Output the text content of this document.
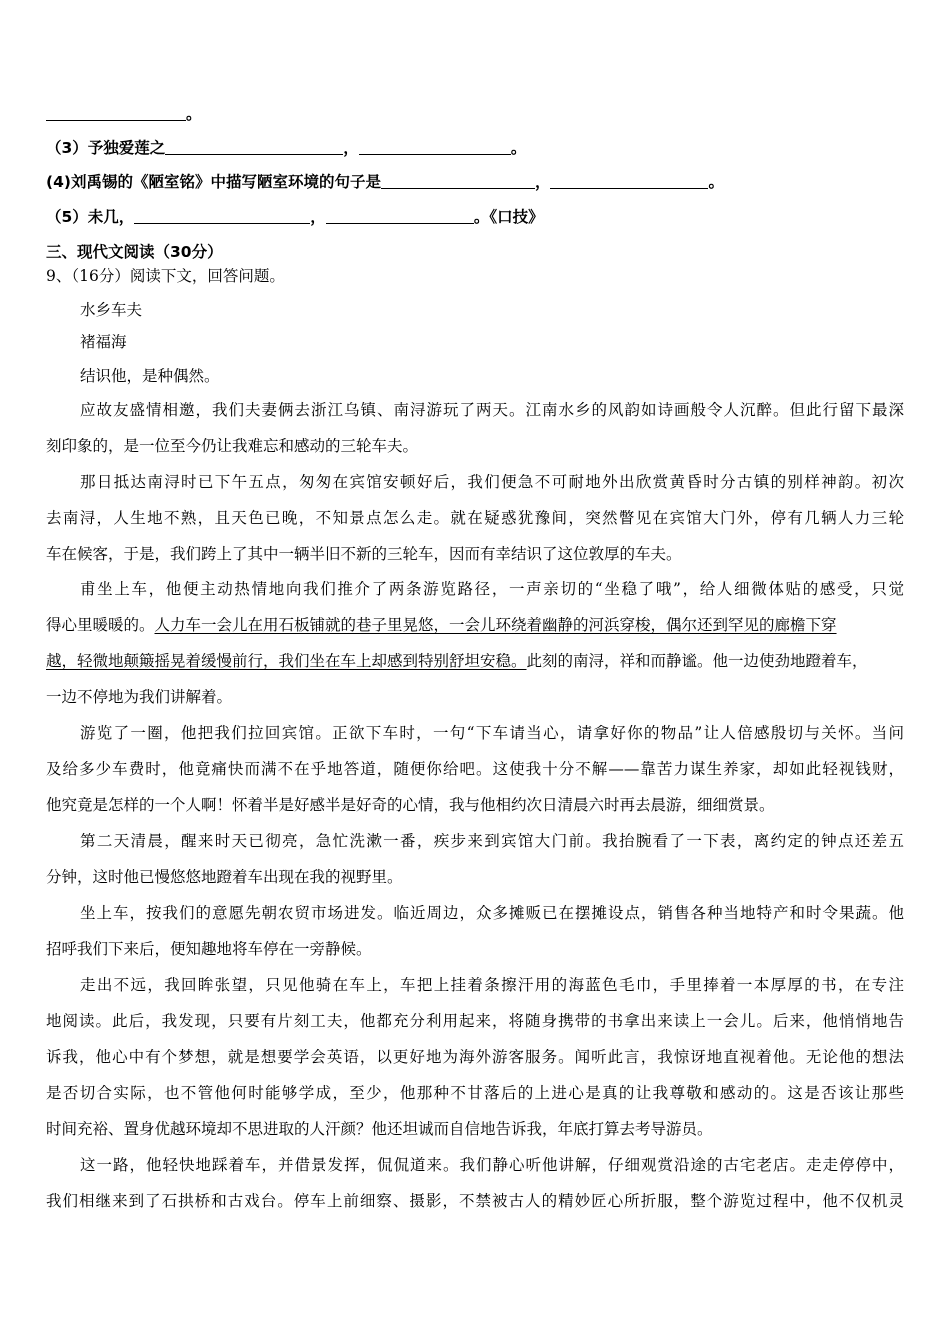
。
（3）予独爱莲之	，	。
(4)刘禹锡的《陋室铭》中描写陋室环境的句子是	，	。
（5）未几，	，	。《口技》
三、现代文阅读（30分）
9、（16分）阅读下文，回答问题。
水乡车夫
褚福海
结识他，是种偶然。
应故友盛情相邀，我们夫妻俩去浙江乌镇、南浔游玩了两天。江南水乡的风韵如诗画般令人沉醉。但此行留下最深
刻印象的，是一位至今仍让我难忘和感动的三轮车夫。
那日抵达南浔时已下午五点，匆匆在宾馆安顿好后，我们便急不可耐地外出欣赏黄昏时分古镇的别样神韵。初次
去南浔，人生地不熟，且天色已晚，不知景点怎么走。就在疑惑犹豫间，突然瞥见在宾馆大门外，停有几辆人力三轮
车在候客，于是，我们跨上了其中一辆半旧不新的三轮车，因而有幸结识了这位敦厚的车夫。
甫坐上车，他便主动热情地向我们推介了两条游览路径，一声亲切的“坐稳了哦”，给人细微体贴的感受，只觉
得心里暖暖的。人力车一会儿在用石板铺就的巷子里晃悠，一会儿环绕着幽静的河浜穿梭，偶尔还到罕见的廊檐下穿
越，轻微地颠簸摇晃着缓慢前行，我们坐在车上却感到特别舒坦安稳。此刻的南浔，祥和而静谧。他一边使劲地蹬着车，
一边不停地为我们讲解着。
游览了一圈，他把我们拉回宾馆。正欲下车时，一句“下车请当心，请拿好你的物品”让人倍感殷切与关怀。当问
及给多少车费时，他竟痛快而满不在乎地答道，随便你给吧。这使我十分不解——靠苦力谋生养家，却如此轻视钱财，
他究竟是怎样的一个人啊！怀着半是好感半是好奇的心情，我与他相约次日清晨六时再去晨游，细细赏景。
第二天清晨，醒来时天已彻亮，急忙洗漱一番，疾步来到宾馆大门前。我抬腕看了一下表，离约定的钟点还差五
分钟，这时他已慢悠悠地蹬着车出现在我的视野里。
坐上车，按我们的意愿先朝农贸市场进发。临近周边，众多摊贩已在摆摊设点，销售各种当地特产和时令果蔬。他
招呼我们下来后，便知趣地将车停在一旁静候。
走出不远，我回眸张望，只见他骑在车上，车把上挂着条擦汗用的海蓝色毛巾，手里捧着一本厚厚的书，在专注
地阅读。此后，我发现，只要有片刻工夫，他都充分利用起来，将随身携带的书拿出来读上一会儿。后来，他悄悄地告
诉我，他心中有个梦想，就是想要学会英语，以更好地为海外游客服务。闻听此言，我惊讶地直视着他。无论他的想法
是否切合实际，也不管他何时能够学成，至少，他那种不甘落后的上进心是真的让我尊敬和感动的。这是否该让那些
时间充裕、置身优越环境却不思进取的人汗颜？他还坦诚而自信地告诉我，年底打算去考导游员。
这一路，他轻快地踩着车，并借景发挥，侃侃道来。我们静心听他讲解，仔细观赏沿途的古宅老店。走走停停中，
我们相继来到了石拱桥和古戏台。停车上前细察、摄影，不禁被古人的精妙匠心所折服，整个游览过程中，他不仅机灵
